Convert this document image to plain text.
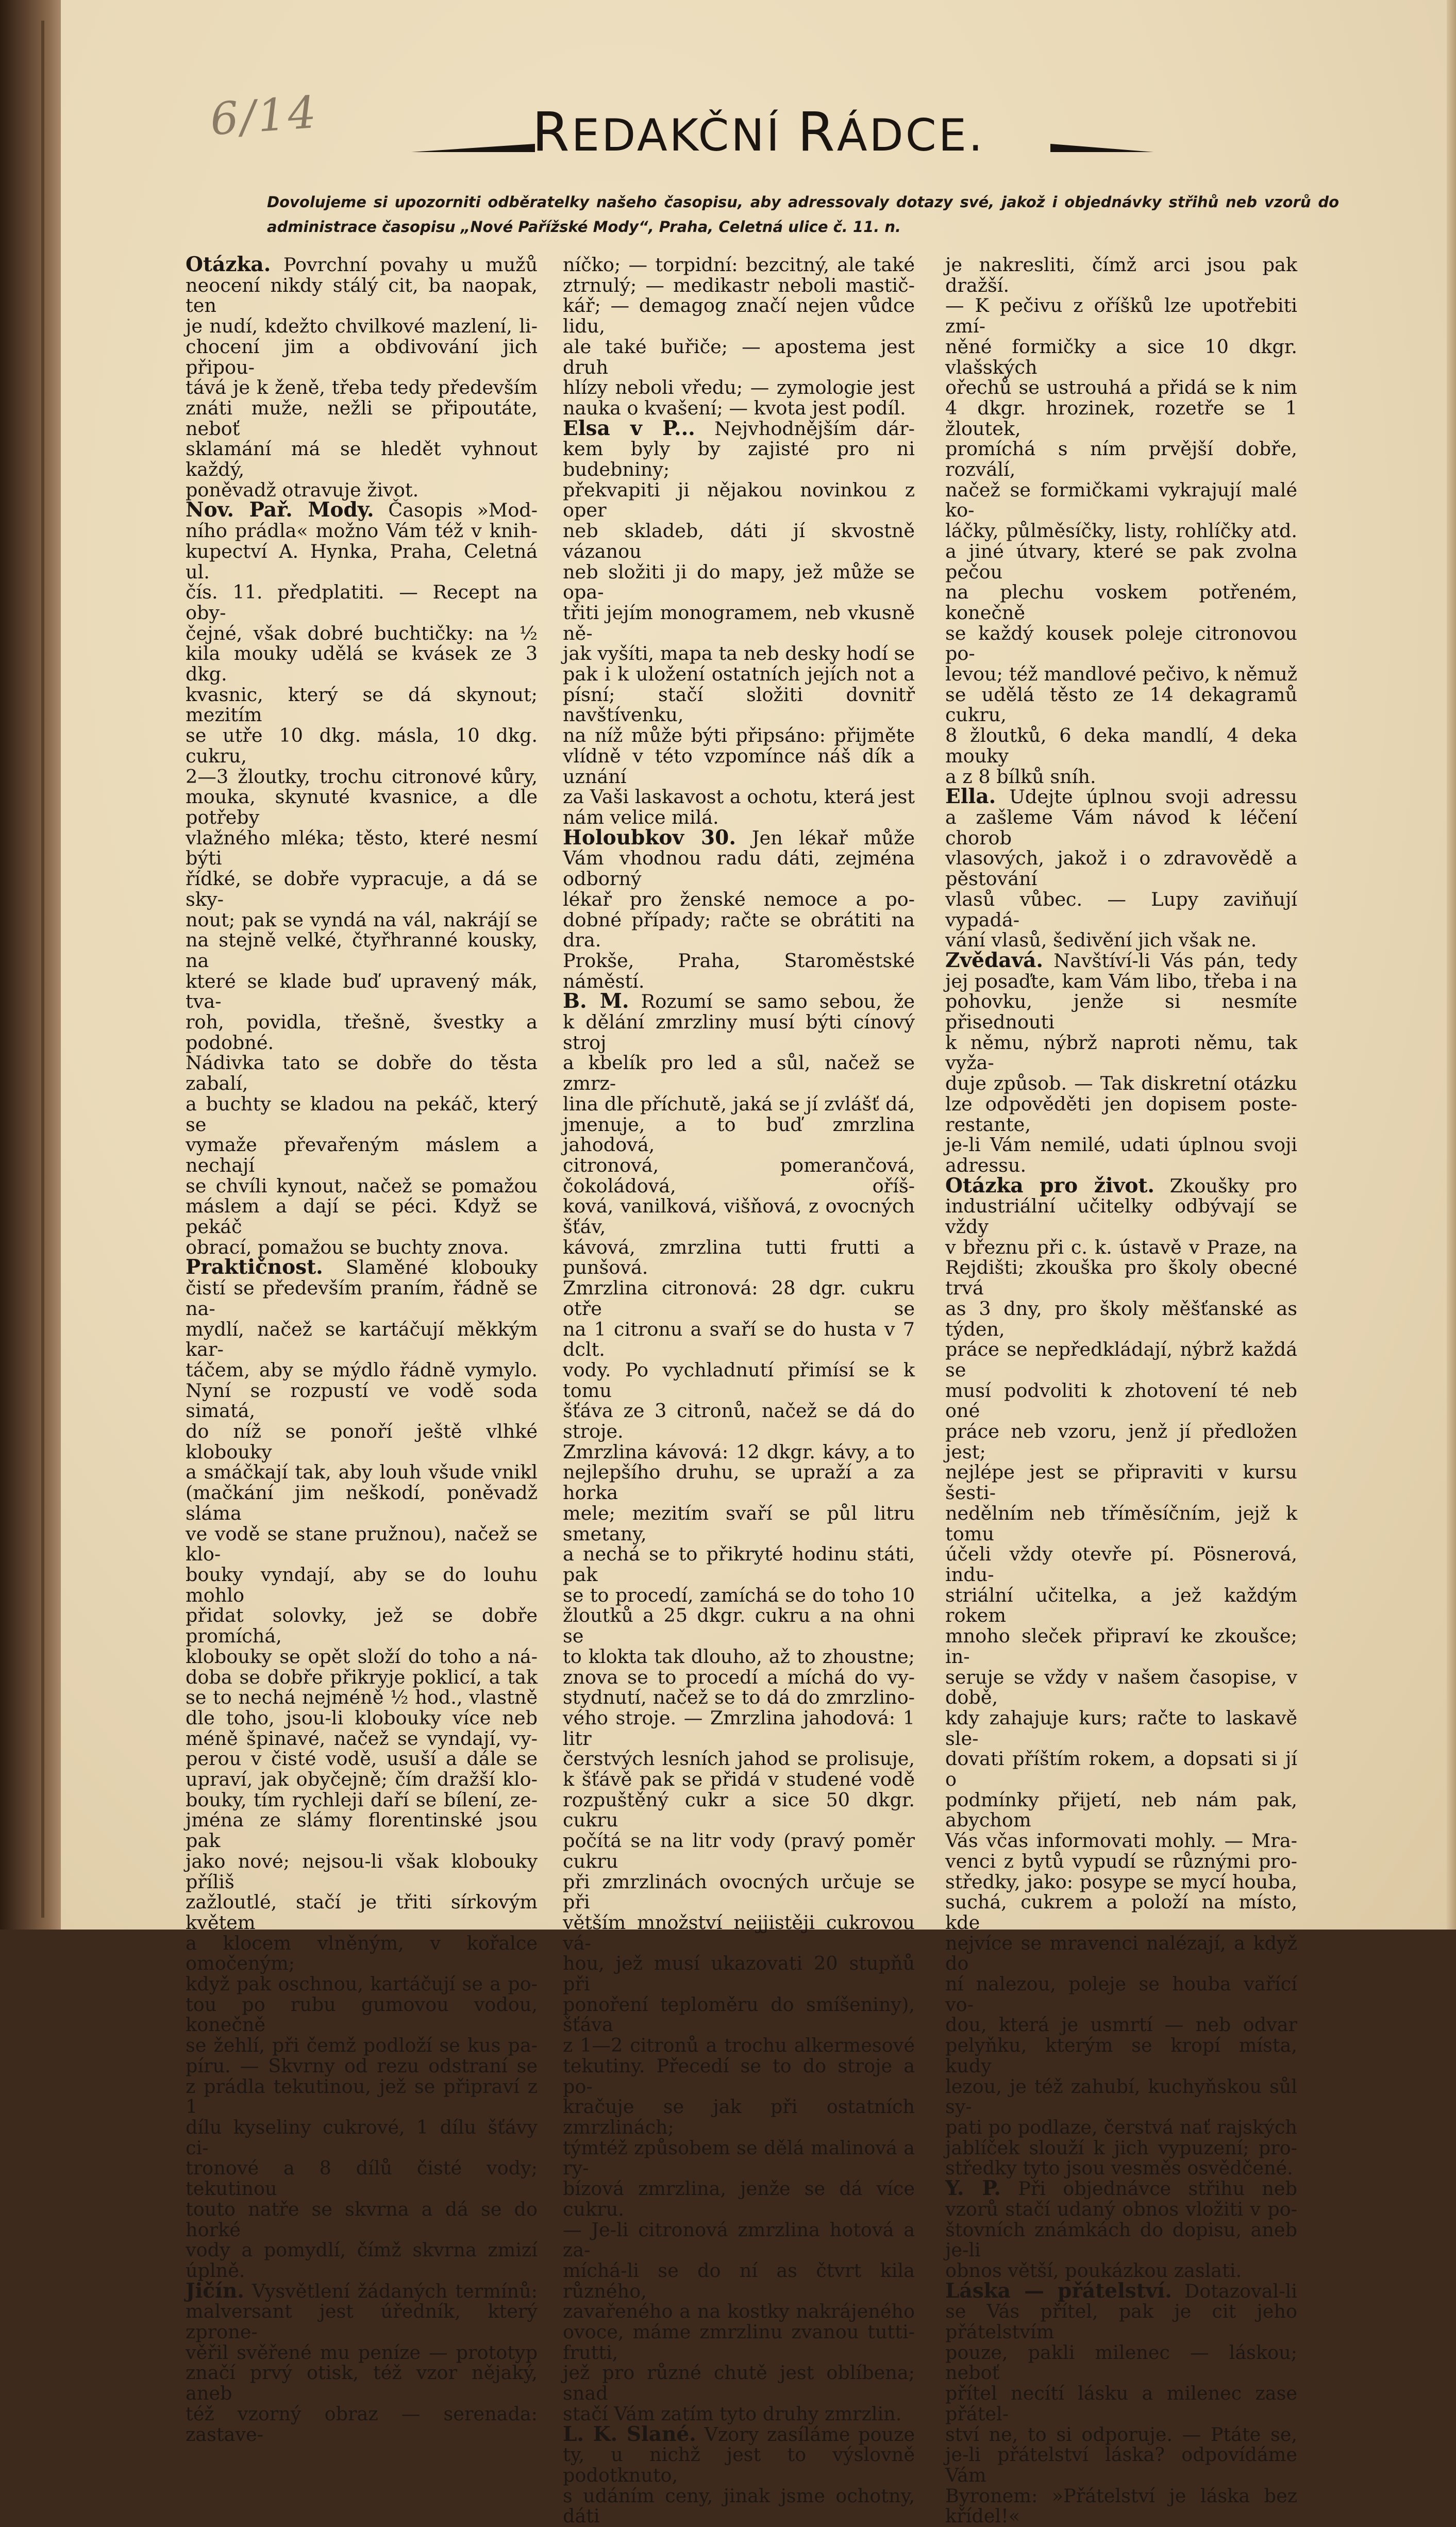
6/14	REDAKČNÍ RÁDCE.
Dovolujeme si upozorniti odběratelky našeho časopisu, aby adressovaly dotazy své, jakož i objednávky střihů neb vzorů do administrace časopisu „Nové Pařížské Mody“, Praha, Celetná ulice č. 11. n.

Otázka. Povrchní povahy u mužů

neocení nikdy stálý cit, ba naopak, ten

je nudí, kdežto chvilkové mazlení, li-

chocení jim a obdivování jich připou-

tává je k ženě, třeba tedy především

znáti muže, nežli se připoutáte, neboť

sklamání má se hledět vyhnout každý,

poněvadž otravuje život.

Nov. Pař. Mody. Časopis »Mod-

ního prádla« možno Vám též v knih-

kupectví A. Hynka, Praha, Celetná ul.

čís. 11. předplatiti. — Recept na oby-

čejné, však dobré buchtičky: na ½

kila mouky udělá se kvásek ze 3 dkg.

kvasnic, který se dá skynout; mezitím

se utře 10 dkg. másla, 10 dkg. cukru,

2—3 žloutky, trochu citronové kůry,

mouka, skynuté kvasnice, a dle potřeby

vlažného mléka; těsto, které nesmí býti

řídké, se dobře vypracuje, a dá se sky-

nout; pak se vyndá na vál, nakrájí se

na stejně velké, čtyřhranné kousky, na

které se klade buď upravený mák, tva-

roh, povidla, třešně, švestky a podobné.

Nádivka tato se dobře do těsta zabalí,

a buchty se kladou na pekáč, který se

vymaže převařeným máslem a nechají

se chvíli kynout, načež se pomažou

máslem a dají se péci. Když se pekáč

obrací, pomažou se buchty znova.

Praktičnost. Slaměné klobouky

čistí se především praním, řádně se na-

mydlí, načež se kartáčují měkkým kar-

táčem, aby se mýdlo řádně vymylo.

Nyní se rozpustí ve vodě soda simatá,

do níž se ponoří ještě vlhké klobouky

a smáčkají tak, aby louh všude vnikl

(mačkání jim neškodí, poněvadž sláma

ve vodě se stane pružnou), načež se klo-

bouky vyndají, aby se do louhu mohlo

přidat solovky, jež se dobře promíchá,

klobouky se opět složí do toho a ná-

doba se dobře přikryje poklicí, a tak

se to nechá nejméně ½ hod., vlastně

dle toho, jsou-li klobouky více neb

méně špinavé, načež se vyndají, vy-

perou v čisté vodě, usuší a dále se

upraví, jak obyčejně; čím dražší klo-

bouky, tím rychleji daří se bílení, ze-

jména ze slámy florentinské jsou pak

jako nové; nejsou-li však klobouky příliš

zažloutlé, stačí je třiti sírkovým květem

a klocem vlněným, v kořalce omočeným;

když pak oschnou, kartáčují se a po-

tou po rubu gumovou vodou, konečně

se žehlí, při čemž podloží se kus pa-

píru. — Skvrny od rezu odstraní se

z prádla tekutinou, jež se připraví z 1

dílu kyseliny cukrové, 1 dílu šťávy ci-

tronové a 8 dílů čisté vody; tekutinou

touto natře se skvrna a dá se do horké

vody a pomydlí, čímž skvrna zmizí

úplně.

Jičín. Vysvětlení žádaných termínů:

malversant jest úředník, který zprone-

věřil svěřené mu peníze — prototyp

značí prvý otisk, též vzor nějaký, aneb

též vzorný obraz — serenada: zastave-

níčko; — torpidní: bezcitný, ale také

ztrnulý; — medikastr neboli mastič-

kář; — demagog značí nejen vůdce lidu,

ale také buřiče; — apostema jest druh

hlízy neboli vředu; — zymologie jest

nauka o kvašení; — kvota jest podíl.

Elsa v P... Nejvhodnějším dár-

kem byly by zajisté pro ni budebniny;

překvapiti ji nějakou novinkou z oper

neb skladeb, dáti jí skvostně vázanou

neb složiti ji do mapy, jež může se opa-

třiti jejím monogramem, neb vkusně ně-

jak vyšíti, mapa ta neb desky hodí se

pak i k uložení ostatních jejích not a

písní; stačí složiti dovnitř navštívenku,

na níž může býti připsáno: přijměte

vlídně v této vzpomínce náš dík a uznání

za Vaši laskavost a ochotu, která jest

nám velice milá.

Holoubkov 30. Jen lékař může

Vám vhodnou radu dáti, zejména odborný

lékař pro ženské nemoce a po-

dobné případy; račte se obrátiti na dra.

Prokše, Praha, Staroměstské náměstí.

B. M. Rozumí se samo sebou, že

k dělání zmrzliny musí býti cínový stroj

a kbelík pro led a sůl, načež se zmrz-

lina dle příchutě, jaká se jí zvlášť dá,

jmenuje, a to buď zmrzlina jahodová,

citronová, pomerančová, čokoládová, oříš-

ková, vanilková, višňová, z ovocných šťáv,

kávová, zmrzlina tutti frutti a punšová.

Zmrzlina citronová: 28 dgr. cukru otře se

na 1 citronu a svaří se do husta v 7 dclt.

vody. Po vychladnutí přimísí se k tomu

šťáva ze 3 citronů, načež se dá do stroje.

Zmrzlina kávová: 12 dkgr. kávy, a to

nejlepšího druhu, se upraží a za horka

mele; mezitím svaří se půl litru smetany,

a nechá se to přikryté hodinu státi, pak

se to procedí, zamíchá se do toho 10

žloutků a 25 dkgr. cukru a na ohni se

to klokta tak dlouho, až to zhoustne;

znova se to procedí a míchá do vy-

stydnutí, načež se to dá do zmrzlino-

vého stroje. — Zmrzlina jahodová: 1 litr

čerstvých lesních jahod se prolisuje,

k šťávě pak se přidá v studené vodě

rozpuštěný cukr a sice 50 dkgr. cukru

počítá se na litr vody (pravý poměr cukru

při zmrzlinách ovocných určuje se při

větším množství nejjistěji cukrovou vá-

hou, jež musí ukazovati 20 stupňů při

ponoření teploměru do smíšeniny), šťáva

z 1—2 citronů a trochu alkermesové

tekutiny. Přecedí se to do stroje a po-

kračuje se jak při ostatních zmrzlinách;

týmtéž způsobem se dělá malinová a ry-

bízová zmrzlina, jenže se dá více cukru.

— Je-li citronová zmrzlina hotová a za-

míchá-li se do ní as čtvrt kila různého,

zavařeného a na kostky nakrájeného

ovoce, máme zmrzlinu zvanou tutti-frutti,

jež pro různé chutě jest oblíbena; snad

stačí Vám zatím tyto druhy zmrzlin.

L. K. Slané. Vzory zasíláme pouze

ty, u nichž jest to výslovně podotknuto,

s udáním ceny, jinak jsme ochotny, dáti

je nakresliti, čímž arci jsou pak dražší.

— K pečivu z oříšků lze upotřebiti zmí-

něné formičky a sice 10 dkgr. vlašských

ořechů se ustrouhá a přidá se k nim

4 dkgr. hrozinek, rozetře se 1 žloutek,

promíchá s ním prvější dobře, rozválí,

načež se formičkami vykrajují malé ko-

láčky, půlměsíčky, listy, rohlíčky atd.

a jiné útvary, které se pak zvolna pečou

na plechu voskem potřeném, konečně

se každý kousek poleje citronovou po-

levou; též mandlové pečivo, k němuž

se udělá těsto ze 14 dekagramů cukru,

8 žloutků, 6 deka mandlí, 4 deka mouky

a z 8 bílků sníh.

Ella. Udejte úplnou svoji adressu

a zašleme Vám návod k léčení chorob

vlasových, jakož i o zdravovědě a pěstování

vlasů vůbec. — Lupy zaviňují vypadá-

vání vlasů, šedivění jich však ne.

Zvědavá. Navštíví-li Vás pán, tedy

jej posaďte, kam Vám libo, třeba i na

pohovku, jenže si nesmíte přisednouti

k němu, nýbrž naproti němu, tak vyža-

duje způsob. — Tak diskretní otázku

lze odpověděti jen dopisem poste-restante,

je-li Vám nemilé, udati úplnou svoji

adressu.

Otázka pro život. Zkoušky pro

industriální učitelky odbývají se vždy

v březnu při c. k. ústavě v Praze, na

Rejdišti; zkouška pro školy obecné trvá

as 3 dny, pro školy měšťanské as týden,

práce se nepředkládají, nýbrž každá se

musí podvoliti k zhotovení té neb oné

práce neb vzoru, jenž jí předložen jest;

nejlépe jest se připraviti v kursu šesti-

nedělním neb tříměsíčním, jejž k tomu

účeli vždy otevře pí. Pösnerová, indu-

striální učitelka, a jež každým rokem

mnoho sleček připraví ke zkoušce; in-

seruje se vždy v našem časopise, v době,

kdy zahajuje kurs; račte to laskavě sle-

dovati příštím rokem, a dopsati si jí o

podmínky přijetí, neb nám pak, abychom

Vás včas informovati mohly. — Mra-

venci z bytů vypudí se různými pro-

středky, jako: posype se mycí houba,

suchá, cukrem a položí na místo, kde

nejvíce se mravenci nalézají, a když do

ní nalezou, poleje se houba vařící vo-

dou, která je usmrtí — neb odvar

pelyňku, kterým se kropí místa, kudy

lezou, je též zahubí, kuchyňskou sůl sy-

pati po podlaze, čerstvá nať rajských

jablíček slouží k jich vypuzení; pro-

středky tyto jsou vesměs osvědčené.

Y. P. Při objednávce střihu neb

vzorů stačí udaný obnos vložiti v po-

štovních známkách do dopisu, aneb je-li

obnos větší, poukázkou zaslati.

Láska — přátelství. Dotazoval-li

se Vás přítel, pak je cit jeho přátelstvím

pouze, pakli milenec — láskou; neboť

přítel necítí lásku a milenec zase přátel-

ství ne, to si odporuje. — Ptáte se,

je-li přátelství láska? odpovídáme Vám

Byronem: »Přátelství je láska bez křídel!«
